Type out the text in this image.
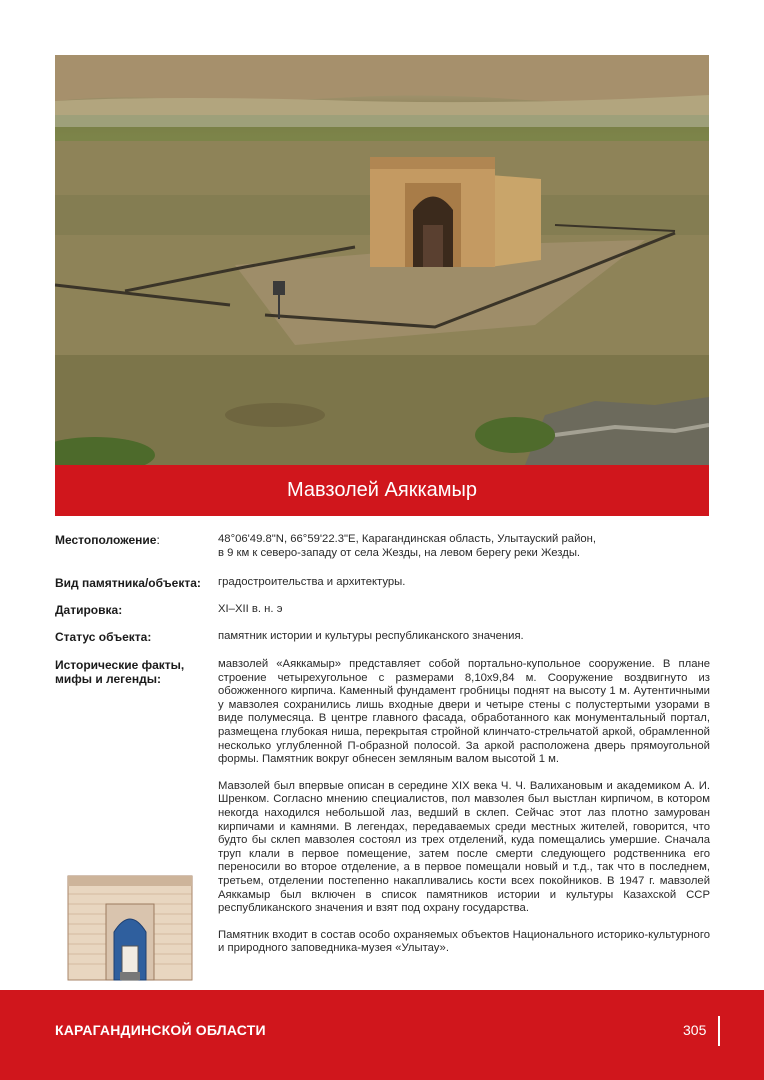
Мавзолей Аяккамыр
Местоположение:	48°06'49.8"N, 66°59'22.3"E, Карагандинская область, Улытауский район,
в 9 км к северо-западу от села Жезды, на левом берегу реки Жезды.
Вид памятника/объекта:	градостроительства и архитектуры.
Датировка:	XI–XII в. н. э
Статус объекта:	памятник истории и культуры республиканского значения.
Исторические факты, мифы и легенды:

мавзолей «Аяккамыр» представляет собой портально-купольное сооружение. В плане строение четырехугольное с размерами 8,10х9,84 м. Сооружение воздвигнуто из обожженного кирпича. Каменный фундамент гробницы поднят на высоту 1 м. Аутентичными у мавзолея сохранились лишь входные двери и четыре стены с полустертыми узорами в виде полумесяца. В центре главного фасада, обработанного как монументальный портал, размещена глубокая ниша, перекрытая стройной клинчато-стрельчатой аркой, обрамленной несколько углубленной П-образной полосой. За аркой расположена дверь прямоугольной формы. Памятник вокруг обнесен земляным валом высотой 1 м.

Мавзолей был впервые описан в середине XIX века Ч. Ч. Валихановым и академиком А. И. Шренком. Согласно мнению специалистов, пол мавзолея был выстлан кирпичом, в котором некогда находился небольшой лаз, ведший в склеп. Сейчас этот лаз плотно замурован кирпичами и камнями. В легендах, передаваемых среди местных жителей, говорится, что будто бы склеп мавзолея состоял из трех отделений, куда помещались умершие. Сначала труп клали в первое помещение, затем после смерти следующего родственника его переносили во второе отделение, а в первое помещали новый и т.д., так что в последнем, третьем, отделении постепенно накапливались кости всех покойников. В 1947 г. мавзолей Аяккамыр был включен в список памятников истории и культуры Казахской ССР республиканского значения и взят под охрану государства.

Памятник входит в состав особо охраняемых объектов Национального историко-культурного и природного заповедника-музея «Улытау».

КАРАГАНДИНСКОЙ ОБЛАСТИ	305
